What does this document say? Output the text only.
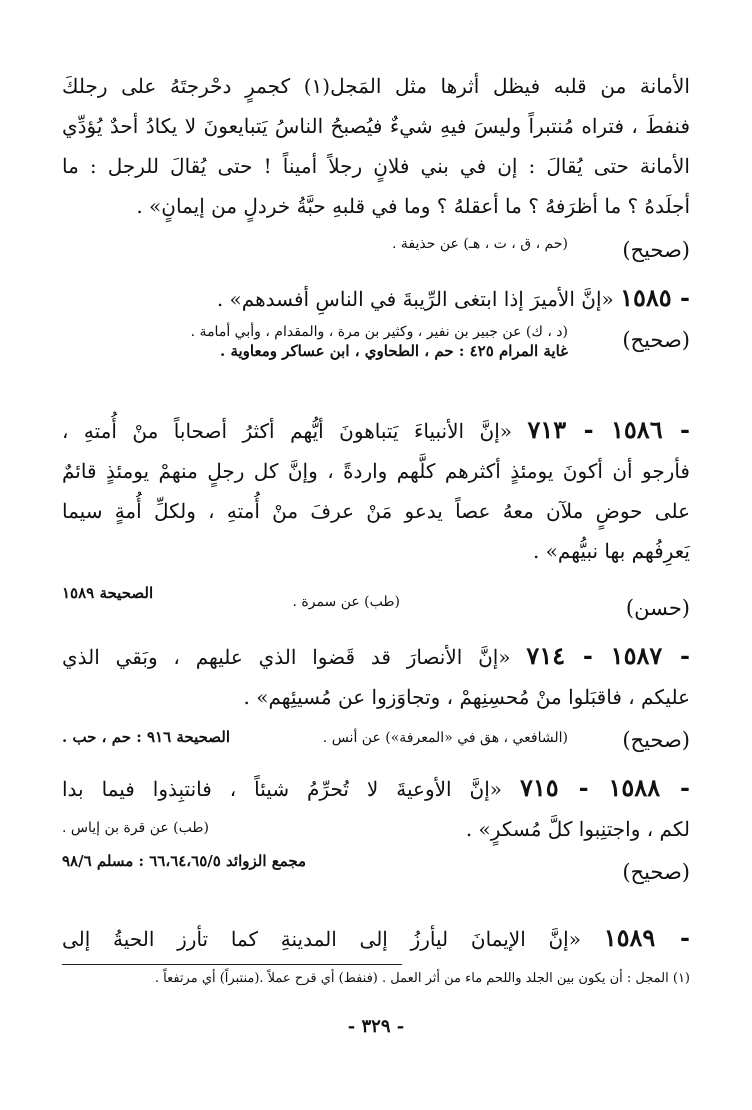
الأمانة من قلبه فيظل أثرها مثل المَجل(١) كجمرٍ دحْرجتَهُ على رجلكَ
فنفطَ ، فتراه مُنتبراً وليسَ فيهِ شيءٌ فيُصبحُ الناسُ يَتبايعونَ لا يكادُ أحدٌ يُؤدِّي
الأمانة حتى يُقالَ : إن في بني فلانٍ رجلاً أميناً ! حتى يُقالَ للرجل : ما
أجلَدهُ ؟ ما أظرَفهُ ؟ ما أعقلهُ ؟ وما في قلبهِ حبَّةُ خردلٍ من إيمانٍ» .
(صحيح)
(حم ، ق ، ت ، هـ) عن حذيفة .
١٥٨٥ - «إنَّ الأميرَ إذا ابتغى الرِّيبةَ في الناسِ أفسدهم» .
(صحيح)
(د ، ك) عن جبير بن نفير ، وكثير بن مرة ، والمقدام ، وأبي أمامة .
غاية المرام ٤٢٥ : حم ، الطحاوي ، ابن عساكر ومعاوية .
١٥٨٦ - ٧١٣ - «إنَّ الأنبياءَ يَتباهونَ أيُّهم أكثرُ أصحاباً منْ أُمتهِ ،
فأرجو أن أكونَ يومئذٍ أكثرهم كلَّهم واردةً ، وإنَّ كل رجلٍ منهمْ يومئذٍ قائمٌ
على حوضٍ ملآن معهُ عصاً يدعو مَنْ عرفَ منْ أُمتهِ ، ولكلِّ أُمةٍ سيما
يَعرِفُهم بها نبيُّهم» .
(حسن)
(طب) عن سمرة .
الصحيحة ١٥٨٩
١٥٨٧ - ٧١٤ - «إنَّ الأنصارَ قد قَضوا الذي عليهم ، وبَقي الذي
عليكم ، فاقبَلوا منْ مُحسِنِهمْ ، وتجاوَزوا عن مُسيئِهم» .
(صحيح)
(الشافعي ، هق في «المعرفة») عن أنس .
الصحيحة ٩١٦ : حم ، حب .
١٥٨٨ - ٧١٥ - «إنَّ الأوعيةَ لا تُحرِّمُ شيئاً ، فانتبِذوا فيما بدا
لكم ، واجتنِبوا كلَّ مُسكرٍ» .
(طب) عن قرة بن إياس .
(صحيح)
مجمع الزوائد ٦٦،٦٤،٦٥/٥ : مسلم ٩٨/٦
١٥٨٩ - «إنَّ الإيمانَ ليأرزُ إلى المدينةِ كما تأرز الحيةُ إلى
(١) المجل : أن يكون بين الجلد واللحم ماء من أثر العمل . (فنفط) أي قرح عملاً .(منتبراً) أي مرتفعاً .
- ٣٢٩ -
